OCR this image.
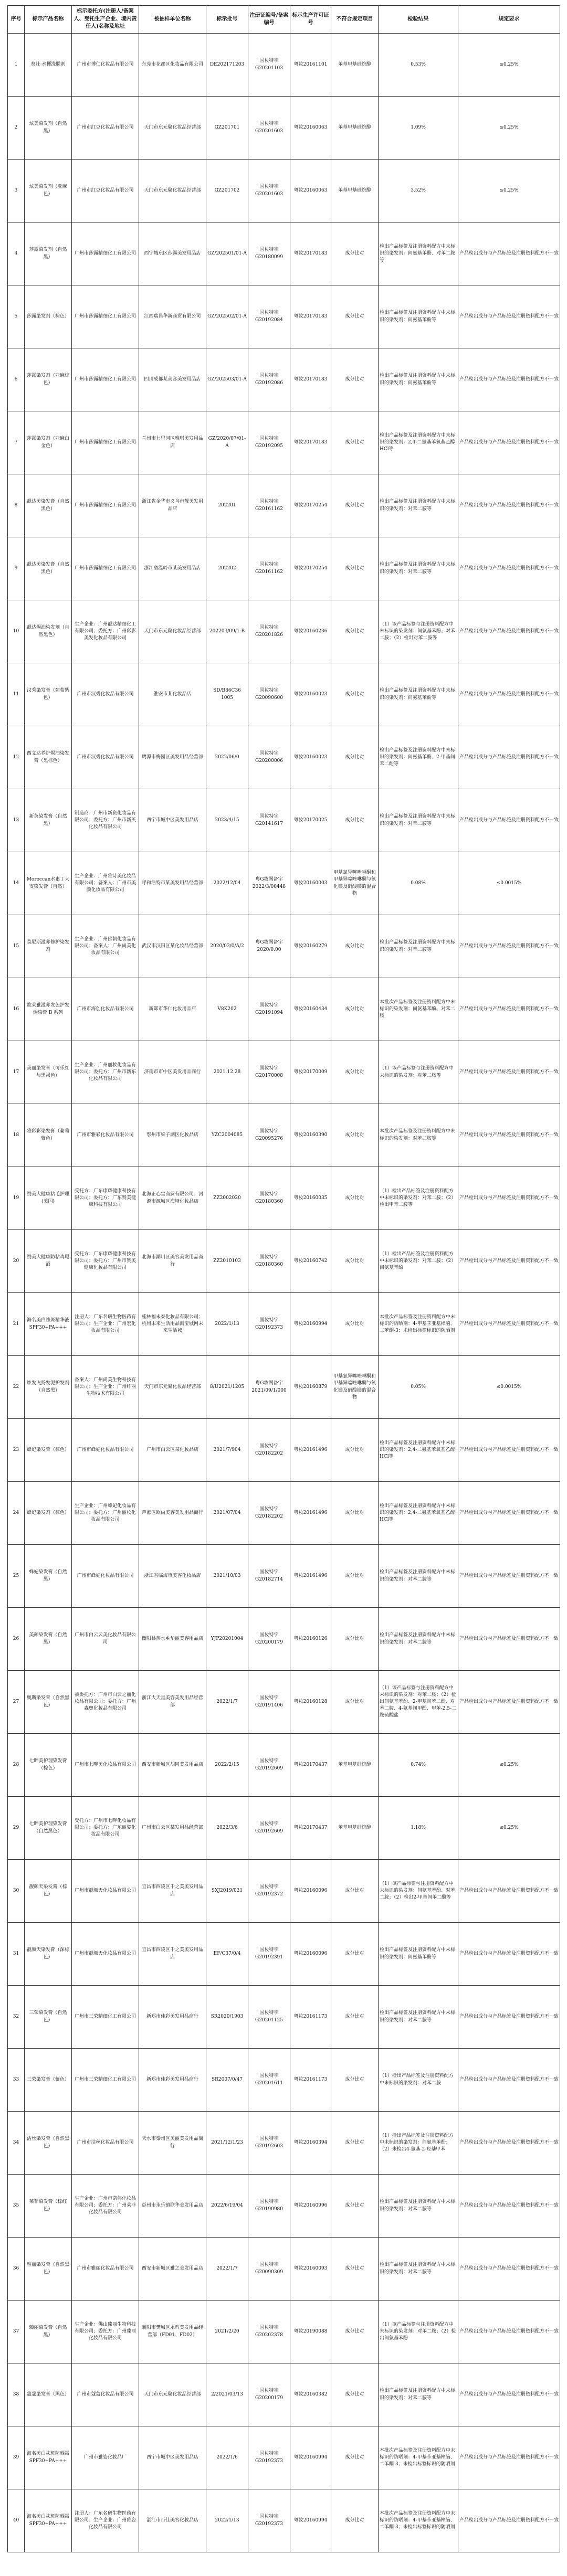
序号	标示产品名称	标示委托方(注册人/备案人、受托生产企业、境内责任人)名称及地址	被抽样单位名称	标示批号	注册证编号/备案编号	标示生产许可证号	不符合规定项目	检验结果	规定要求
1	葵壮·水梗洗脱剂	广州市博仁化妆品有限公司	东莞市花都区化妆品有限公司	DE202171203	国妆特字G20201103	粤妆20161101	苯基甲基硅烷醇	0.53%	≤0.25%
2	炫美染发剂（自然黑）	广州市红豆化妆品有限公司	天门市东元聚化妆品经营部	GZ201701	国妆特字G20201603	粤妆20160063	苯基甲基硅烷醇	1.09%	≤0.25%
3	炫美染发剂（亚麻色）	广州市红豆化妆品有限公司	天门市东元聚化妆品经营部	GZ201702	国妆特字G20201603	粤妆20160063	苯基甲基硅烷醇	3.52%	≤0.25%
4	莎露染发剂（自然黑）	广州市莎露精细化工有限公司	西宁城东区莎露美发用品店	GZ/202501/01-A	国妆特字G20180099	粤妆20170183	成分比对	检出产品标签及注册资料配方中未标识的染发剂：间氨基苯酚、对苯二胺等	产品检出成分与产品标签及注册资料配方不一致
5	莎露染发剂（棕色）	广州市莎露精细化工有限公司	江西瑞昌华新商贸有限公司	GZ/202502/01-A	国妆特字G20192084	粤妆20170183	成分比对	检出产品标签及注册资料配方中未标识的染发剂：间氨基苯酚等	产品检出成分与产品标签及注册资料配方不一致
6	莎露染发剂（亚麻棕色）	广州市莎露精细化工有限公司	四川成都某美容美发用品店	GZ/202503/01-A	国妆特字G20192086	粤妆20170183	成分比对	检出产品标签及注册资料配方中未标识的染发剂：间氨基苯酚等	产品检出成分与产品标签及注册资料配方不一致
7	莎露染发剂（亚麻白金色）	广州市莎露精细化工有限公司	兰州市七里河区雅琪美发用品店	GZ/2020/07/01-A	国妆特字G20192095	粤妆20170183	成分比对	检出产品标签及注册资料配方中未标识的染发剂：2,4-二氨基苯氧基乙醇HCl等	产品检出成分与产品标签及注册资料配方不一致
8	靓达美染发膏（自然黑色）	广州市莎露精细化工有限公司	浙江省金华市义乌市靓美发用品店	202201	国妆特字G20161162	粤妆20170254	成分比对	检出产品标签及注册资料配方中未标识的染发剂：对苯二胺等	产品检出成分与产品标签及注册资料配方不一致
9	靓达美染发膏（自然黑色）	广州市莎露精细化工有限公司	浙江省温岭市某美发用品店	202202	国妆特字G20161162	粤妆20170254	成分比对	检出产品标签及注册资料配方中未标识的染发剂：对苯二胺等	产品检出成分与产品标签及注册资料配方不一致
10	靓达焗油染发剂（自然黑色）	生产企业：广州靓达精细化工有限公司；委托方：广州彩影美发化妆品有限公司	天门市东元聚化妆品经营部	202203/09/1-B	国妆特字G20201826	粤妆20160236	成分比对	（1）该产品标签与注册资料配方中未标识的染发剂：间氨基苯酚、对苯二胺；（2）检出对苯二胺等	产品检出成分与产品标签及注册资料配方不一致
11	汉秀染发膏（葡萄紫色）	广州市汉秀化妆品有限公司	淮安市某化妆品店	SD/B86C36 1005	国妆特字G20090600	粤妆20160023	成分比对	检出产品标签及注册资料配方中未标识的染发剂：间氨基苯酚等	产品检出成分与产品标签及注册资料配方不一致
12	西文达养护焗油染发膏（黑棕色）	广州市汉秀化妆品有限公司	鹰潭市梅园区美发用品经营部	2022/06/0	国妆特字G20200006	粤妆20160023	成分比对	检出产品标签及注册资料配方中未标识的染发剂：间氨基苯酚、2-甲基间苯二酚等	产品检出成分与产品标签及注册资料配方不一致
13	新英染发膏（自然黑）	制造商：广州市新资化妆品有限公司；委托方：广州市新英化妆品有限公司	西宁市城中区美发用品店	2023/4/15	国妆特字G20141617	粤妆20170025	成分比对	检出产品标签及注册资料配方中未标识的染发剂：对苯二胺等	产品检出成分与产品标签及注册资料配方不一致
14	Moroccan水素丁大支染发膏（自然）	生产企业：广州雅诗美化妆品有限公司；备案人：广州市美颜化妆品有限公司	呼和浩特市某美发用品经营部	2022/12/04	粤G妆网备字2022/3/00448	粤妆20160003	甲基氯异噻唑啉酮和甲基异噻唑啉酮与氯化镁及硝酸镁的混合物	0.08%	≤0.0015%
15	莫尼斯滋养修护染发剂	生产企业：广州佛朝化妆品有限公司；备案人：广州尚美化妆品有限公司	武汉市汉阳区某化妆品经营部	2020/03/0/A/2	粤G妆网备字2020/0.00	粤妆20160279	成分比对	检出产品标签及注册资料配方中未标识的染发剂：对苯二胺等	产品检出成分与产品标签及注册资料配方不一致
16	欧莱雅滋养发色护发焗染膏 B 系列	广州市海创化妆品有限公司	新郑市华仁化妆用品店	V8K202	国妆特字G20191094	粤妆20160434	成分比对	本批次产品标签及注册资料配方中未标识的染发剂：间氨基苯酚、对苯二胺	产品检出成分与产品标签及注册资料配方不一致
17	美丽染发膏（可乐红与黑褐色）	生产企业：广州丽妆化妆品有限公司；委托方：广州市新东化妆品有限公司	济南市市中区美发用品商行	2021.12.28	国妆特字G20170008	粤妆20170009	成分比对	（1）该产品标签与注册资料配方中未标识的染发剂：对苯二胺等	产品检出成分与产品标签及注册资料配方不一致
18	雅彩彩染发膏（葡萄紫色）	广州市雅彩化妆品有限公司	鄂州市梁子湖区化妆品店	YZC2004085	国妆特字G20095276	粤妆20160390	成分比对	本批次产品标签及注册资料配方中未标识的染发剂：对苯二胺等	产品检出成分与产品标签及注册资料配方不一致
19	赞美大健康粘毛护理(美国)	受托方：广东康辉健康科技有限公司；委托方：广东赞美健康科技有限公司	北海正心堂商贸有限公司；河源市源城区海垭化妆品店	ZZ2002020	国妆特字G20180360	粤妆20160035	成分比对	（1）检出产品标签及注册资料配方中未标识的染发剂：对苯二胺；（2）检出甲苯二胺等	产品检出成分与产品标签及注册资料配方不一致
20	赞美大健康防粘鸡尾酒	受托方：广东康辉健康科技有限公司；委托方：广州市赞美健康化妆品有限公司	北海市潮川区美容美发用品商行	ZZ2010103	国妆特字G20180360	粤妆20160742	成分比对	（1）检出产品标签及注册资料配方中未标识的染发剂：对苯二胺；（2）间氨基苯酚	产品检出成分与产品标签及注册资料配方不一致
21	海名美白祛斑精华液SPF30+PA+++	注册人：广东名研生物医药有限公司；生产企业：广州宏化妆品有限公司	桂林福未泰化妆品有限公司；杭州未来生活用品淘宝城网未来生活城	2022/1/13	国妆特字G20192373	粤妆20160994	成分比对	本批次产品标签及注册资料配方中未标识的防晒剂：4-甲基苄亚基樟脑、二苯酮-3；未检出标签标识的防晒剂	产品检出成分与产品标签及注册资料配方不一致
22	炫发飞扬发泥护发剂（自然黑）	备案人：广州尚美生物科技有限公司；生产企业：广州纤丽生物技术有限公司	天门市东元聚化妆品经营部	8/U2021/1205	粤G妆网备字2021/09/1/000	粤妆20160879	甲基氯异噻唑啉酮和甲基异噻唑啉酮与氯化镁及硝酸镁的混合物	0.05%	≤0.0015%
23	蜂妃染发膏（棕色）	广州市蜂妃化妆品有限公司	广州市白云区某化妆品店	2021/7/904	国妆特字G20182202	粤妆20161496	成分比对	检出产品标签及注册资料配方中未标识的染发剂：2,4-二氨基苯氧基乙醇HCl等	产品检出成分与产品标签及注册资料配方不一致
24	蜂妃染发剂（棕色）	生产企业：广州蜂妃化妆品有限公司；委托方：广州丽妆化妆品有限公司	芦淞区欧尚美容美发用品商行	2021/07/04	国妆特字G20182202	粤妆20161496	成分比对	检出产品标签及注册资料配方中未标识的染发剂：2,4-二氨基苯氧基乙醇HCl等	产品检出成分与产品标签及注册资料配方不一致
25	蜂妃染发膏（自然黑）	广州市蜂妃化妆品有限公司	浙江省临海市美容化妆品店	2021/10/03	国妆特字G20182714	粤妆20161496	成分比对	检出产品标签及注册资料配方中未标识的染发剂：对苯二胺等	产品检出成分与产品标签及注册资料配方不一致
26	美颜染发膏（自然黑）	广州市白云云美化妆品有限公司	衡阳县蒸水乡华丽美容用品店	YJP20201004	国妆特字G20200179	粤妆20160126	成分比对	检出产品标签及注册资料配方中未标识的染发剂：对苯二胺等	产品检出成分与产品标签及注册资料配方不一致
27	奥斯染发膏（自然黑色）	被委托方：广州市白云之丽化妆品有限公司；委托方：广州森奥化妆品有限公司	浙江大天星美容美发用品经营部	2022/1/7	国妆特字G20191406	粤妆20160128	成分比对	（1）该产品标签与注册资料配方中未标识的染发剂：对苯二胺；（2）检出间氨基苯酚、2-甲基间苯二酚、对苯二胺、4-氨基间甲酚、甲苯-2,5-二胺硫酸盐	产品检出成分与产品标签及注册资料配方不一致
28	七畔美护理染发膏（棕色）	广州市七畔美化妆品有限公司	西安市新城区胡同美发用品店	2022/2/15	国妆特字G20192609	粤妆20170437	苯基甲基硅烷醇	0.74%	≤0.25%
29	七畔美护理染发膏（自然黑色）	受托方：广州市七畔化妆品有限公司；委托方：广东丽姿化妆品有限公司	广州市白云区某发用品经营部	2022/3/6	国妆特字G20192609	粤妆20170437	苯基甲基硅烷醇	1.18%	≤0.25%
30	靓颜天染发膏（棕色）	广州市靓颜天化妆品有限公司	宜昌市西陵区千之美美发用品店	SXJ2019/021	国妆特字G20192372	粤妆20160096	成分比对	（1）该产品标签与注册资料配方中未标识的染发剂：间氨基苯酚、对苯二胺；（2）检出2-甲基间苯二酚等	产品检出成分与产品标签及注册资料配方不一致
31	靓颜天染发膏（深棕色）	广州市靓颜天化妆品有限公司	宜昌市西陵区千之美美发用品店	EF/C37/0/4	国妆特字G20192391	粤妆20160096	成分比对	检出产品标签及注册资料配方中未标识的染发剂：间氨基苯酚等	产品检出成分与产品标签及注册资料配方不一致
32	三荣染发膏（自然色）	广州市三荣精细化工有限公司	新郑市佳彩美发用品商行	SR2020/1903	国妆特字G20201125	粤妆20161173	成分比对	检出产品标签及注册资料配方中未标识的染发剂：对苯二胺等	产品检出成分与产品标签及注册资料配方不一致
33	三荣染发膏（紫色）	广州市三荣精细化工有限公司	新郑市佳彩美发用品商行	SR2007/0/47	国妆特字G20201611	粤妆20161173	成分比对	（1）检出产品标签及注册资料配方中未标识的染发剂：对苯二胺	产品检出成分与产品标签及注册资料配方不一致
34	洁丝染发膏（自然黑色）	广州市洁丝化妆品有限公司	天水市秦州区美丽美发用品商行	2021/12/1/23	国妆特字G20192603	粤妆20160394	成分比对	（1）检出产品标签及注册资料配方中未标识的染发剂：间氨基苯酚；（2）未检出4-氨基-2-羟基甲苯	产品检出成分与产品标签及注册资料配方不一致
35	莱菲染发膏（棕红色）	生产企业：广州市诺伟化妆品有限公司；委托方：广州莱菲化妆品有限公司	彭州市永乐镇联华美发用品店	2022/6/19/04	国妆特字G20190980	粤妆20160996	成分比对	检出产品标签及注册资料配方中未标识的染发剂：对苯二胺等	产品检出成分与产品标签及注册资料配方不一致
36	雅丽染发膏（自然黑色）	广州市雅丽化妆品有限公司	西安市新城区雅之美发用品店	2022/1/7	国妆特字G20090309	粤妆20160093	成分比对	检出产品标签及注册资料配方中未标识的染发剂：对苯二胺等	产品检出成分与产品标签及注册资料配方不一致
37	臻丽染发膏（自然黑）	生产企业：佛山臻丽生物科技有限公司；委托方：广州臻丽化妆品有限公司	襄阳市樊城区永辉美发用品经营部（FD01、FD02）	2021/2/20	国妆特字G20202378	粤妆20190088	成分比对	（1）该产品标签与注册资料配方中未标识的染发剂：对苯二胺；（2）检出间氨基苯酚	产品检出成分与产品标签及注册资料配方不一致
38	蔻蔻染发膏（黑色）	广州市蔻蔻化妆品有限公司	天门市东元聚化妆品经营部	2/2021/03/13	国妆特字G20200179	粤妆20160382	成分比对	检出产品标签及注册资料配方中未标识的染发剂：对苯二胺等	产品检出成分与产品标签及注册资料配方不一致
39	海名美白祛斑防晒霜SPF30+PA+++	广州市雅姿化妆品厂	西宁市城中区美发用品店	2022/1/6	国妆特字G20192373	粤妆20160994	成分比对	本批次产品标签及注册资料配方中未标识的防晒剂：4-甲基苄亚基樟脑、二苯酮-3；未检出标签标识的防晒剂	产品检出成分与产品标签及注册资料配方不一致
40	海名美白祛斑防晒霜SPF30+PA+++	注册人：广东名研生物医药有限公司；生产企业：广州雅姿化妆品有限公司	湛江市百佳美容化妆品店	2022/1/13	国妆特字G20192373	粤妆20160994	成分比对	本批次产品标签及注册资料配方中未标识的防晒剂：4-甲基苄亚基樟脑、二苯酮-3；未检出标签标识的防晒剂	产品检出成分与产品标签及注册资料配方不一致
